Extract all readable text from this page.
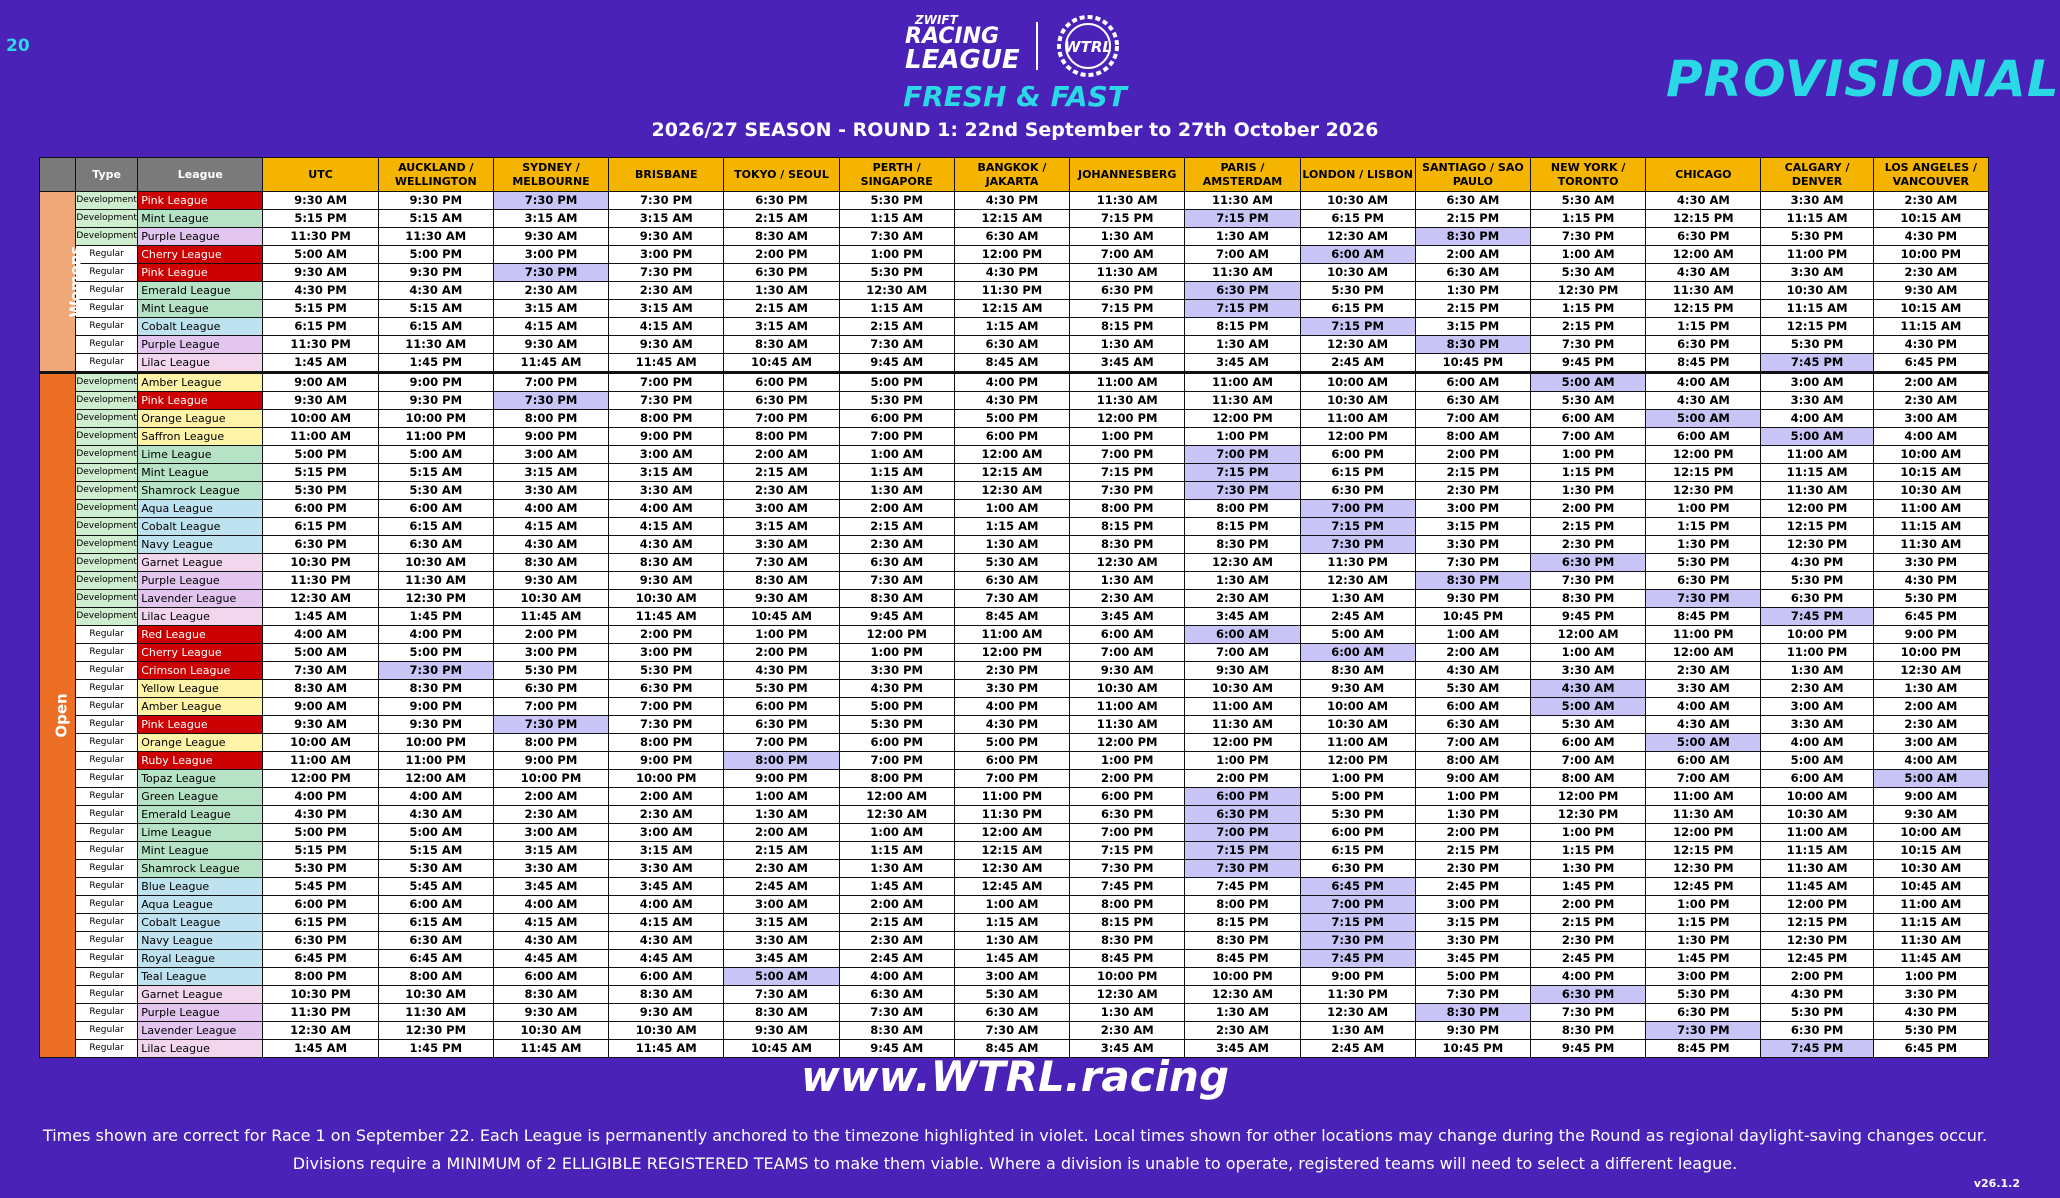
20
ZWIFT
RACING
LEAGUE	WTRL
PROVISIONAL
FRESH & FAST
2026/27 SEASON - ROUND 1: 22nd September to 27th October 2026
	Type	League	UTC	AUCKLAND / WELLINGTON	SYDNEY / MELBOURNE	BRISBANE	TOKYO / SEOUL	PERTH / SINGAPORE	BANGKOK / JAKARTA	JOHANNESBERG	PARIS / AMSTERDAM	LONDON / LISBON	SANTIAGO / SAO PAULO	NEW YORK / TORONTO	CHICAGO	CALGARY / DENVER	LOS ANGELES / VANCOUVER
Womens	Development	Pink League	9:30 AM	9:30 PM	7:30 PM	7:30 PM	6:30 PM	5:30 PM	4:30 PM	11:30 AM	11:30 AM	10:30 AM	6:30 AM	5:30 AM	4:30 AM	3:30 AM	2:30 AM
	Development	Mint League	5:15 PM	5:15 AM	3:15 AM	3:15 AM	2:15 AM	1:15 AM	12:15 AM	7:15 PM	7:15 PM	6:15 PM	2:15 PM	1:15 PM	12:15 PM	11:15 AM	10:15 AM
	Development	Purple League	11:30 PM	11:30 AM	9:30 AM	9:30 AM	8:30 AM	7:30 AM	6:30 AM	1:30 AM	1:30 AM	12:30 AM	8:30 PM	7:30 PM	6:30 PM	5:30 PM	4:30 PM
	Regular	Cherry League	5:00 AM	5:00 PM	3:00 PM	3:00 PM	2:00 PM	1:00 PM	12:00 PM	7:00 AM	7:00 AM	6:00 AM	2:00 AM	1:00 AM	12:00 AM	11:00 PM	10:00 PM
	Regular	Pink League	9:30 AM	9:30 PM	7:30 PM	7:30 PM	6:30 PM	5:30 PM	4:30 PM	11:30 AM	11:30 AM	10:30 AM	6:30 AM	5:30 AM	4:30 AM	3:30 AM	2:30 AM
	Regular	Emerald League	4:30 PM	4:30 AM	2:30 AM	2:30 AM	1:30 AM	12:30 AM	11:30 PM	6:30 PM	6:30 PM	5:30 PM	1:30 PM	12:30 PM	11:30 AM	10:30 AM	9:30 AM
	Regular	Mint League	5:15 PM	5:15 AM	3:15 AM	3:15 AM	2:15 AM	1:15 AM	12:15 AM	7:15 PM	7:15 PM	6:15 PM	2:15 PM	1:15 PM	12:15 PM	11:15 AM	10:15 AM
	Regular	Cobalt League	6:15 PM	6:15 AM	4:15 AM	4:15 AM	3:15 AM	2:15 AM	1:15 AM	8:15 PM	8:15 PM	7:15 PM	3:15 PM	2:15 PM	1:15 PM	12:15 PM	11:15 AM
	Regular	Purple League	11:30 PM	11:30 AM	9:30 AM	9:30 AM	8:30 AM	7:30 AM	6:30 AM	1:30 AM	1:30 AM	12:30 AM	8:30 PM	7:30 PM	6:30 PM	5:30 PM	4:30 PM
	Regular	Lilac League	1:45 AM	1:45 PM	11:45 AM	11:45 AM	10:45 AM	9:45 AM	8:45 AM	3:45 AM	3:45 AM	2:45 AM	10:45 PM	9:45 PM	8:45 PM	7:45 PM	6:45 PM
Open	Development	Amber League	9:00 AM	9:00 PM	7:00 PM	7:00 PM	6:00 PM	5:00 PM	4:00 PM	11:00 AM	11:00 AM	10:00 AM	6:00 AM	5:00 AM	4:00 AM	3:00 AM	2:00 AM
	Development	Pink League	9:30 AM	9:30 PM	7:30 PM	7:30 PM	6:30 PM	5:30 PM	4:30 PM	11:30 AM	11:30 AM	10:30 AM	6:30 AM	5:30 AM	4:30 AM	3:30 AM	2:30 AM
	Development	Orange League	10:00 AM	10:00 PM	8:00 PM	8:00 PM	7:00 PM	6:00 PM	5:00 PM	12:00 PM	12:00 PM	11:00 AM	7:00 AM	6:00 AM	5:00 AM	4:00 AM	3:00 AM
	Development	Saffron League	11:00 AM	11:00 PM	9:00 PM	9:00 PM	8:00 PM	7:00 PM	6:00 PM	1:00 PM	1:00 PM	12:00 PM	8:00 AM	7:00 AM	6:00 AM	5:00 AM	4:00 AM
	Development	Lime League	5:00 PM	5:00 AM	3:00 AM	3:00 AM	2:00 AM	1:00 AM	12:00 AM	7:00 PM	7:00 PM	6:00 PM	2:00 PM	1:00 PM	12:00 PM	11:00 AM	10:00 AM
	Development	Mint League	5:15 PM	5:15 AM	3:15 AM	3:15 AM	2:15 AM	1:15 AM	12:15 AM	7:15 PM	7:15 PM	6:15 PM	2:15 PM	1:15 PM	12:15 PM	11:15 AM	10:15 AM
	Development	Shamrock League	5:30 PM	5:30 AM	3:30 AM	3:30 AM	2:30 AM	1:30 AM	12:30 AM	7:30 PM	7:30 PM	6:30 PM	2:30 PM	1:30 PM	12:30 PM	11:30 AM	10:30 AM
	Development	Aqua League	6:00 PM	6:00 AM	4:00 AM	4:00 AM	3:00 AM	2:00 AM	1:00 AM	8:00 PM	8:00 PM	7:00 PM	3:00 PM	2:00 PM	1:00 PM	12:00 PM	11:00 AM
	Development	Cobalt League	6:15 PM	6:15 AM	4:15 AM	4:15 AM	3:15 AM	2:15 AM	1:15 AM	8:15 PM	8:15 PM	7:15 PM	3:15 PM	2:15 PM	1:15 PM	12:15 PM	11:15 AM
	Development	Navy League	6:30 PM	6:30 AM	4:30 AM	4:30 AM	3:30 AM	2:30 AM	1:30 AM	8:30 PM	8:30 PM	7:30 PM	3:30 PM	2:30 PM	1:30 PM	12:30 PM	11:30 AM
	Development	Garnet League	10:30 PM	10:30 AM	8:30 AM	8:30 AM	7:30 AM	6:30 AM	5:30 AM	12:30 AM	12:30 AM	11:30 PM	7:30 PM	6:30 PM	5:30 PM	4:30 PM	3:30 PM
	Development	Purple League	11:30 PM	11:30 AM	9:30 AM	9:30 AM	8:30 AM	7:30 AM	6:30 AM	1:30 AM	1:30 AM	12:30 AM	8:30 PM	7:30 PM	6:30 PM	5:30 PM	4:30 PM
	Development	Lavender League	12:30 AM	12:30 PM	10:30 AM	10:30 AM	9:30 AM	8:30 AM	7:30 AM	2:30 AM	2:30 AM	1:30 AM	9:30 PM	8:30 PM	7:30 PM	6:30 PM	5:30 PM
	Development	Lilac League	1:45 AM	1:45 PM	11:45 AM	11:45 AM	10:45 AM	9:45 AM	8:45 AM	3:45 AM	3:45 AM	2:45 AM	10:45 PM	9:45 PM	8:45 PM	7:45 PM	6:45 PM
	Regular	Red League	4:00 AM	4:00 PM	2:00 PM	2:00 PM	1:00 PM	12:00 PM	11:00 AM	6:00 AM	6:00 AM	5:00 AM	1:00 AM	12:00 AM	11:00 PM	10:00 PM	9:00 PM
	Regular	Cherry League	5:00 AM	5:00 PM	3:00 PM	3:00 PM	2:00 PM	1:00 PM	12:00 PM	7:00 AM	7:00 AM	6:00 AM	2:00 AM	1:00 AM	12:00 AM	11:00 PM	10:00 PM
	Regular	Crimson League	7:30 AM	7:30 PM	5:30 PM	5:30 PM	4:30 PM	3:30 PM	2:30 PM	9:30 AM	9:30 AM	8:30 AM	4:30 AM	3:30 AM	2:30 AM	1:30 AM	12:30 AM
	Regular	Yellow League	8:30 AM	8:30 PM	6:30 PM	6:30 PM	5:30 PM	4:30 PM	3:30 PM	10:30 AM	10:30 AM	9:30 AM	5:30 AM	4:30 AM	3:30 AM	2:30 AM	1:30 AM
	Regular	Amber League	9:00 AM	9:00 PM	7:00 PM	7:00 PM	6:00 PM	5:00 PM	4:00 PM	11:00 AM	11:00 AM	10:00 AM	6:00 AM	5:00 AM	4:00 AM	3:00 AM	2:00 AM
	Regular	Pink League	9:30 AM	9:30 PM	7:30 PM	7:30 PM	6:30 PM	5:30 PM	4:30 PM	11:30 AM	11:30 AM	10:30 AM	6:30 AM	5:30 AM	4:30 AM	3:30 AM	2:30 AM
	Regular	Orange League	10:00 AM	10:00 PM	8:00 PM	8:00 PM	7:00 PM	6:00 PM	5:00 PM	12:00 PM	12:00 PM	11:00 AM	7:00 AM	6:00 AM	5:00 AM	4:00 AM	3:00 AM
	Regular	Ruby League	11:00 AM	11:00 PM	9:00 PM	9:00 PM	8:00 PM	7:00 PM	6:00 PM	1:00 PM	1:00 PM	12:00 PM	8:00 AM	7:00 AM	6:00 AM	5:00 AM	4:00 AM
	Regular	Topaz League	12:00 PM	12:00 AM	10:00 PM	10:00 PM	9:00 PM	8:00 PM	7:00 PM	2:00 PM	2:00 PM	1:00 PM	9:00 AM	8:00 AM	7:00 AM	6:00 AM	5:00 AM
	Regular	Green League	4:00 PM	4:00 AM	2:00 AM	2:00 AM	1:00 AM	12:00 AM	11:00 PM	6:00 PM	6:00 PM	5:00 PM	1:00 PM	12:00 PM	11:00 AM	10:00 AM	9:00 AM
	Regular	Emerald League	4:30 PM	4:30 AM	2:30 AM	2:30 AM	1:30 AM	12:30 AM	11:30 PM	6:30 PM	6:30 PM	5:30 PM	1:30 PM	12:30 PM	11:30 AM	10:30 AM	9:30 AM
	Regular	Lime League	5:00 PM	5:00 AM	3:00 AM	3:00 AM	2:00 AM	1:00 AM	12:00 AM	7:00 PM	7:00 PM	6:00 PM	2:00 PM	1:00 PM	12:00 PM	11:00 AM	10:00 AM
	Regular	Mint League	5:15 PM	5:15 AM	3:15 AM	3:15 AM	2:15 AM	1:15 AM	12:15 AM	7:15 PM	7:15 PM	6:15 PM	2:15 PM	1:15 PM	12:15 PM	11:15 AM	10:15 AM
	Regular	Shamrock League	5:30 PM	5:30 AM	3:30 AM	3:30 AM	2:30 AM	1:30 AM	12:30 AM	7:30 PM	7:30 PM	6:30 PM	2:30 PM	1:30 PM	12:30 PM	11:30 AM	10:30 AM
	Regular	Blue League	5:45 PM	5:45 AM	3:45 AM	3:45 AM	2:45 AM	1:45 AM	12:45 AM	7:45 PM	7:45 PM	6:45 PM	2:45 PM	1:45 PM	12:45 PM	11:45 AM	10:45 AM
	Regular	Aqua League	6:00 PM	6:00 AM	4:00 AM	4:00 AM	3:00 AM	2:00 AM	1:00 AM	8:00 PM	8:00 PM	7:00 PM	3:00 PM	2:00 PM	1:00 PM	12:00 PM	11:00 AM
	Regular	Cobalt League	6:15 PM	6:15 AM	4:15 AM	4:15 AM	3:15 AM	2:15 AM	1:15 AM	8:15 PM	8:15 PM	7:15 PM	3:15 PM	2:15 PM	1:15 PM	12:15 PM	11:15 AM
	Regular	Navy League	6:30 PM	6:30 AM	4:30 AM	4:30 AM	3:30 AM	2:30 AM	1:30 AM	8:30 PM	8:30 PM	7:30 PM	3:30 PM	2:30 PM	1:30 PM	12:30 PM	11:30 AM
	Regular	Royal League	6:45 PM	6:45 AM	4:45 AM	4:45 AM	3:45 AM	2:45 AM	1:45 AM	8:45 PM	8:45 PM	7:45 PM	3:45 PM	2:45 PM	1:45 PM	12:45 PM	11:45 AM
	Regular	Teal League	8:00 PM	8:00 AM	6:00 AM	6:00 AM	5:00 AM	4:00 AM	3:00 AM	10:00 PM	10:00 PM	9:00 PM	5:00 PM	4:00 PM	3:00 PM	2:00 PM	1:00 PM
	Regular	Garnet League	10:30 PM	10:30 AM	8:30 AM	8:30 AM	7:30 AM	6:30 AM	5:30 AM	12:30 AM	12:30 AM	11:30 PM	7:30 PM	6:30 PM	5:30 PM	4:30 PM	3:30 PM
	Regular	Purple League	11:30 PM	11:30 AM	9:30 AM	9:30 AM	8:30 AM	7:30 AM	6:30 AM	1:30 AM	1:30 AM	12:30 AM	8:30 PM	7:30 PM	6:30 PM	5:30 PM	4:30 PM
	Regular	Lavender League	12:30 AM	12:30 PM	10:30 AM	10:30 AM	9:30 AM	8:30 AM	7:30 AM	2:30 AM	2:30 AM	1:30 AM	9:30 PM	8:30 PM	7:30 PM	6:30 PM	5:30 PM
	Regular	Lilac League	1:45 AM	1:45 PM	11:45 AM	11:45 AM	10:45 AM	9:45 AM	8:45 AM	3:45 AM	3:45 AM	2:45 AM	10:45 PM	9:45 PM	8:45 PM	7:45 PM	6:45 PM
www.WTRL.racing
Times shown are correct for Race 1 on September 22. Each League is permanently anchored to the timezone highlighted in violet. Local times shown for other locations may change during the Round as regional daylight-saving changes occur.
Divisions require a MINIMUM of 2 ELLIGIBLE REGISTERED TEAMS to make them viable. Where a division is unable to operate, registered teams will need to select a different league.
v26.1.2
